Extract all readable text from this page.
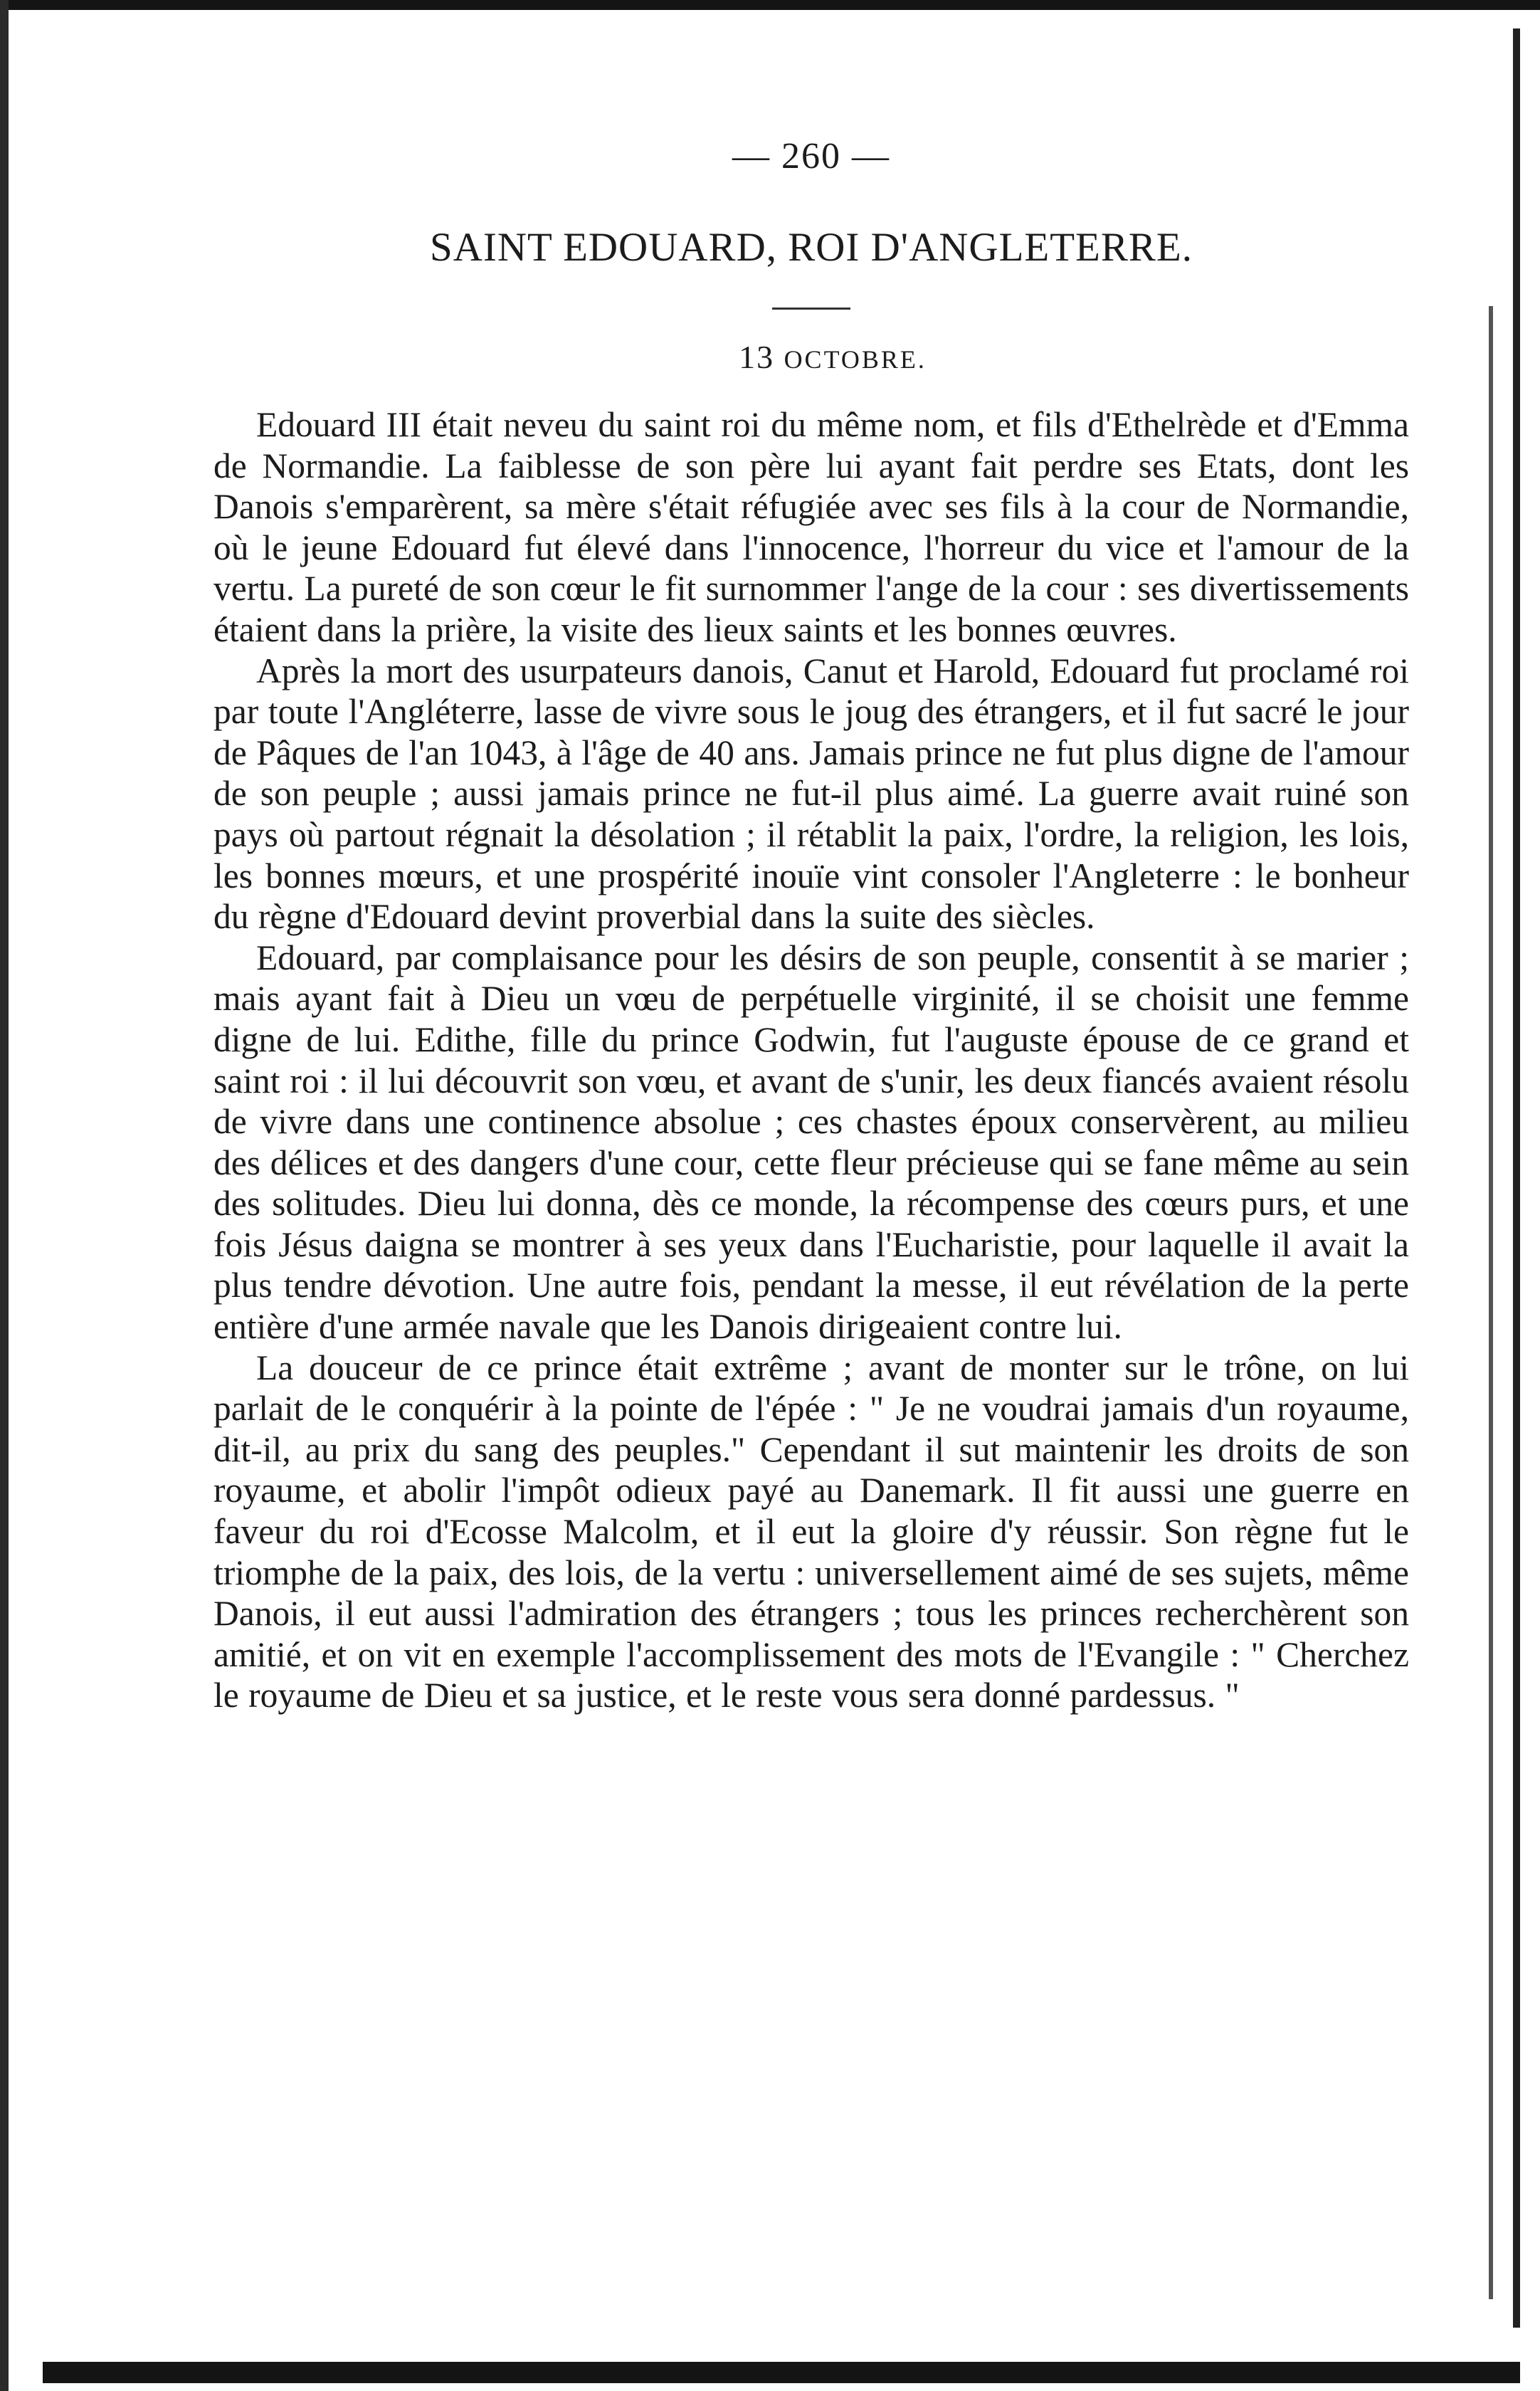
— 260 —
SAINT EDOUARD, ROI D'ANGLETERRE.
13 OCTOBRE.

Edouard III était neveu du saint roi du même nom, et fils d'Ethelrède et d'Emma de Normandie. La faiblesse de son père lui ayant fait perdre ses Etats, dont les Danois s'emparèrent, sa mère s'était réfugiée avec ses fils à la cour de Normandie, où le jeune Edouard fut élevé dans l'innocence, l'horreur du vice et l'amour de la vertu. La pureté de son cœur le fit surnommer l'ange de la cour : ses divertissements étaient dans la prière, la visite des lieux saints et les bonnes œuvres.

Après la mort des usurpateurs danois, Canut et Harold, Edouard fut proclamé roi par toute l'Angléterre, lasse de vivre sous le joug des étrangers, et il fut sacré le jour de Pâques de l'an 1043, à l'âge de 40 ans. Jamais prince ne fut plus digne de l'amour de son peuple ; aussi jamais prince ne fut-il plus aimé. La guerre avait ruiné son pays où partout régnait la désolation ; il rétablit la paix, l'ordre, la religion, les lois, les bonnes mœurs, et une prospérité inouïe vint consoler l'Angleterre : le bonheur du règne d'Edouard devint proverbial dans la suite des siècles.

Edouard, par complaisance pour les désirs de son peuple, consentit à se marier ; mais ayant fait à Dieu un vœu de perpétuelle virginité, il se choisit une femme digne de lui. Edithe, fille du prince Godwin, fut l'auguste épouse de ce grand et saint roi : il lui découvrit son vœu, et avant de s'unir, les deux fiancés avaient résolu de vivre dans une continence absolue ; ces chastes époux conservèrent, au milieu des délices et des dangers d'une cour, cette fleur précieuse qui se fane même au sein des solitudes. Dieu lui donna, dès ce monde, la récompense des cœurs purs, et une fois Jésus daigna se montrer à ses yeux dans l'Eucharistie, pour laquelle il avait la plus tendre dévotion. Une autre fois, pendant la messe, il eut révélation de la perte entière d'une armée navale que les Danois dirigeaient contre lui.

La douceur de ce prince était extrême ; avant de monter sur le trône, on lui parlait de le conquérir à la pointe de l'épée : " Je ne voudrai jamais d'un royaume, dit-il, au prix du sang des peuples." Cependant il sut maintenir les droits de son royaume, et abolir l'impôt odieux payé au Danemark. Il fit aussi une guerre en faveur du roi d'Ecosse Malcolm, et il eut la gloire d'y réussir. Son règne fut le triomphe de la paix, des lois, de la vertu : universellement aimé de ses sujets, même Danois, il eut aussi l'admiration des étrangers ; tous les princes recherchèrent son amitié, et on vit en exemple l'accomplissement des mots de l'Evangile : " Cherchez le royaume de Dieu et sa justice, et le reste vous sera donné pardessus. "
